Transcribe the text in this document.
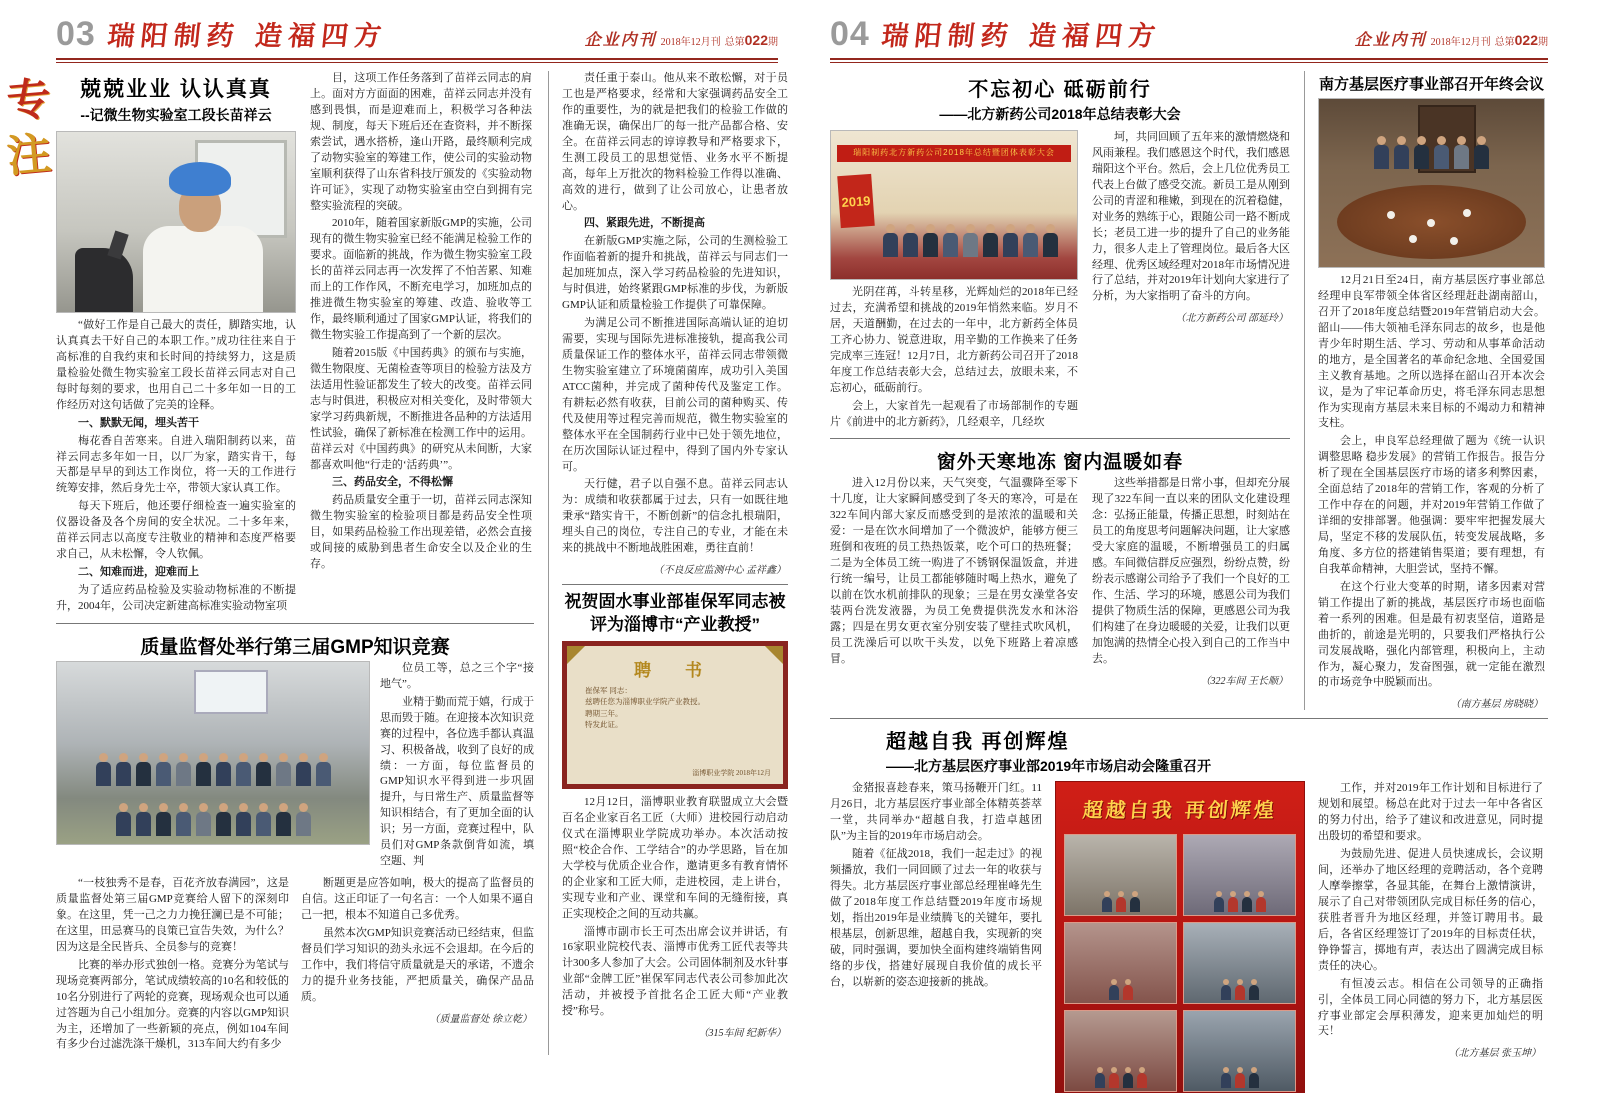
03 瑞阳制药 造福四方	企业内刊 2018年12月刊 总第022期
专
注
兢兢业业 认认真真
--记微生物实验室工段长苗祥云

“做好工作是自己最大的责任，脚踏实地，认认真真去干好自己的本职工作。”成功往往来自于高标准的自我约束和长时间的持续努力，这是质量检验处微生物实验室工段长苗祥云同志对自己每时每刻的要求，也用自己二十多年如一日的工作经历对这句话做了完美的诠释。

一、默默无闻，埋头苦干

梅花香自苦寒来。自进入瑞阳制药以来，苗祥云同志多年如一日，以厂为家，踏实肯干，每天都是早早的到达工作岗位，将一天的工作进行统筹安排，然后身先士卒，带领大家认真工作。

每天下班后，他还要仔细检查一遍实验室的仪器设备及各个房间的安全状况。二十多年来，苗祥云同志以高度专注敬业的精神和态度严格要求自己，从未松懈，令人钦佩。

二、知难而进，迎难而上

为了适应药品检验及实验动物标准的不断提升，2004年，公司决定新建高标准实验动物室项

目，这项工作任务落到了苗祥云同志的肩上。面对方方面面的困难，苗祥云同志并没有感到畏惧，而是迎难而上，积极学习各种法规、制度，每天下班后还在查资料，并不断探索尝试，遇水搭桥，逢山开路，最终顺利完成了动物实验室的筹建工作，使公司的实验动物室顺利获得了山东省科技厅颁发的《实验动物许可证》，实现了动物实验室由空白到拥有完整实验流程的突破。

2010年，随着国家新版GMP的实施，公司现有的微生物实验室已经不能满足检验工作的要求。面临新的挑战，作为微生物实验室工段长的苗祥云同志再一次发挥了不怕苦累、知难而上的工作作风，不断充电学习，加班加点的推进微生物实验室的筹建、改造、验收等工作，最终顺利通过了国家GMP认证，将我们的微生物实验工作提高到了一个新的层次。

随着2015版《中国药典》的颁布与实施，微生物限度、无菌检查等项目的检验方法及方法适用性验证都发生了较大的改变。苗祥云同志与时俱进，积极应对相关变化，及时带领大家学习药典新规，不断推进各品种的方法适用性试验，确保了新标准在检测工作中的运用。苗祥云对《中国药典》的研究从未间断，大家都喜欢叫他“行走的‘活药典’”。

三、药品安全，不得松懈

药品质量安全重于一切，苗祥云同志深知微生物实验室的检验项目都是药品安全性项目，如果药品检验工作出现差错，必然会直接或间接的威胁到患者生命安全以及企业的生存。

质量监督处举行第三届GMP知识竞赛

位员工等，总之三个字“接地气”。

业精于勤而荒于嬉，行成于思而毁于随。在迎接本次知识竞赛的过程中，各位选手都认真温习、积极备战，收到了良好的成绩：一方面，每位监督员的GMP知识水平得到进一步巩固提升，与日常生产、质量监督等知识相结合，有了更加全面的认识；另一方面，竞赛过程中，队员们对GMP条款倒背如流，填空题、判

“一枝独秀不是春，百花齐放春满园”，这是质量监督处第三届GMP竞赛给人留下的深刻印象。在这里，凭一己之力力挽狂澜已是不可能；在这里，田忌赛马的良策已宣告失效，为什么？因为这是全民皆兵、全员参与的竞赛！

比赛的举办形式独创一格。竞赛分为笔试与现场竞赛两部分，笔试成绩较高的10名和较低的10名分别进行了两轮的竞赛，现场观众也可以通过答题为自己小组加分。竞赛的内容以GMP知识为主，还增加了一些新颖的亮点，例如104车间有多少台过滤洗涤干燥机，313车间大约有多少

断题更是应答如响，极大的提高了监督员的自信。这正印证了一句名言：一个人如果不逼自己一把，根本不知道自己多优秀。

虽然本次GMP知识竞赛活动已经结束，但监督员们学习知识的劲头永远不会退却。在今后的工作中，我们将信守质量就是天的承诺，不遗余力的提升业务技能，严把质量关，确保产品品质。

（质量监督处 徐立乾）

责任重于泰山。他从来不敢松懈，对于员工也是严格要求，经常和大家强调药品安全工作的重要性，为的就是把我们的检验工作做的准确无误，确保出厂的每一批产品都合格、安全。在苗祥云同志的谆谆教导和严格要求下，生测工段员工的思想觉悟、业务水平不断提高，每年上万批次的物料检验工作得以准确、高效的进行，做到了让公司放心，让患者放心。

四、紧跟先进，不断提高

在新版GMP实施之际，公司的生测检验工作面临着新的提升和挑战，苗祥云与同志们一起加班加点，深入学习药品检验的先进知识，与时俱进，始终紧跟GMP标准的步伐，为新版GMP认证和质量检验工作提供了可靠保障。

为满足公司不断推进国际高端认证的迫切需要，实现与国际先进标准接轨，提高我公司质量保证工作的整体水平，苗祥云同志带领微生物实验室建立了环境菌菌库，成功引入美国ATCC菌种，并完成了菌种传代及鉴定工作。有耕耘必然有收获，目前公司的菌种购买、传代及使用等过程完善而规范，微生物实验室的整体水平在全国制药行业中已处于领先地位，在历次国际认证过程中，得到了国内外专家认可。

天行健，君子以自强不息。苗祥云同志认为：成绩和收获都属于过去，只有一如既往地秉承“踏实肯干，不断创新”的信念扎根瑞阳，埋头自己的岗位，专注自己的专业，才能在未来的挑战中不断地战胜困难，勇往直前！

（不良反应监测中心 孟祥鑫）

祝贺固水事业部崔保军同志被
评为淄博市“产业教授”
聘 书

崔保军 同志：

兹聘任您为淄博职业学院产业教授。

聘期三年。

特发此证。

淄博职业学院 2018年12月

12月12日，淄博职业教育联盟成立大会暨百名企业家百名工匠（大师）进校园行动启动仪式在淄博职业学院成功举办。本次活动按照“校企合作、工学结合”的办学思路，旨在加大学校与优质企业合作，邀请更多有教育情怀的企业家和工匠大师，走进校园，走上讲台，实现专业和产业、课堂和车间的无缝衔接，真正实现校企之间的互动共赢。

淄博市副市长王可杰出席会议并讲话，有16家职业院校代表、淄博市优秀工匠代表等共计300多人参加了大会。公司固体制剂及水针事业部“金牌工匠”崔保军同志代表公司参加此次活动，并被授予首批名企工匠大师“产业教授”称号。

（315车间 纪新华）

04 瑞阳制药 造福四方	企业内刊 2018年12月刊 总第022期
不忘初心 砥砺前行
——北方新药公司2018年总结表彰大会
瑞阳制药北方新药公司2018年总结暨团体表彰大会
2019

光阴荏苒，斗转星移，光辉灿烂的2018年已经过去，充满希望和挑战的2019年悄然来临。岁月不居，天道酬勤，在过去的一年中，北方新药全体员工齐心协力、锐意进取，用辛勤的工作换来了任务完成率三连冠！12月7日，北方新药公司召开了2018年度工作总结表彰大会，总结过去，放眼未来，不忘初心，砥砺前行。

会上，大家首先一起观看了市场部制作的专题片《前进中的北方新药》，几经艰辛，几经坎

坷，共同回顾了五年来的激情燃烧和风雨兼程。我们感恩这个时代，我们感恩瑞阳这个平台。然后，会上几位优秀员工代表上台做了感受交流。新员工是从刚到公司的青涩和稚嫩，到现在的沉着稳健，对业务的熟练于心，跟随公司一路不断成长；老员工进一步的提升了自己的业务能力，很多人走上了管理岗位。最后各大区经理、优秀区域经理对2018年市场情况进行了总结，并对2019年计划向大家进行了分析，为大家指明了奋斗的方向。

（北方新药公司 邵延玲）

窗外天寒地冻 窗内温暖如春

进入12月份以来，天气突变，气温骤降至零下十几度，让大家瞬间感受到了冬天的寒冷，可是在322车间内部大家反而感受到的是浓浓的温暖和关爱：一是在饮水间增加了一个微波炉，能够方便三班倒和夜班的员工热热饭菜，吃个可口的热班餐；二是为全体员工统一购进了不锈钢保温饭盒，并进行统一编号，让员工都能够随时喝上热水，避免了以前在饮水机前排队的现象；三是在男女澡堂各安装两台洗发液器，为员工免费提供洗发水和沐浴露；四是在男女更衣室分别安装了壁挂式吹风机，员工洗澡后可以吹干头发，以免下班路上着凉感冒。

这些举措都是日常小事，但却充分展现了322车间一直以来的团队文化建设理念：弘扬正能量，传播正思想，时刻站在员工的角度思考问题解决问题，让大家感受大家庭的温暖，不断增强员工的归属感。车间微信群反应强烈，纷纷点赞，纷纷表示感谢公司给予了我们一个良好的工作、生活、学习的环境，感恩公司为我们提供了物质生活的保障，更感恩公司为我们构建了在身边暖暖的关爱，让我们以更加饱满的热情全心投入到自己的工作当中去。

（322车间 王长顺）

南方基层医疗事业部召开年终会议

12月21日至24日，南方基层医疗事业部总经理申良军带领全体省区经理赶赴湖南韶山，召开了2018年度总结暨2019年营销启动大会。韶山——伟大领袖毛泽东同志的故乡，也是他青少年时期生活、学习、劳动和从事革命活动的地方，是全国著名的革命纪念地、全国爱国主义教育基地。之所以选择在韶山召开本次会议，是为了牢记革命历史，将毛泽东同志思想作为实现南方基层未来目标的不竭动力和精神支柱。

会上，申良军总经理做了题为《统一认识 调整思略 稳步发展》的营销工作报告。报告分析了现在全国基层医疗市场的诸多利弊因素，全面总结了2018年的营销工作，客观的分析了工作中存在的问题，并对2019年营销工作做了详细的安排部署。他强调：要牢牢把握发展大局，坚定不移的发展队伍，转变发展战略，多角度、多方位的搭建销售渠道；要有理想，有自我革命精神，大胆尝试，坚持不懈。

在这个行业大变革的时期，诸多因素对营销工作提出了新的挑战，基层医疗市场也面临着一系列的困难。但是最有初衷坚信，道路是曲折的，前途是光明的，只要我们严格执行公司发展战略，强化内部管理，积极向上，主动作为，凝心聚力，发奋图强，就一定能在激烈的市场竞争中脱颖而出。

（南方基层 房晓晓）

超越自我 再创辉煌
——北方基层医疗事业部2019年市场启动会隆重召开

金猪报喜趁春来，策马扬鞭开门红。11月26日，北方基层医疗事业部全体精英荟萃一堂，共同举办“超越自我，打造卓越团队”为主旨的2019年市场启动会。

随着《征战2018，我们一起走过》的视频播放，我们一同回顾了过去一年的收获与得失。北方基层医疗事业部总经理崔峰先生做了2018年度工作总结暨2019年度市场规划，指出2019年是业绩腾飞的关键年，要扎根基层，创新思维，超越自我，实现新的突破，同时强调，要加快全面构建终端销售网络的步伐，搭建好展现自我价值的成长平台，以崭新的姿态迎接新的挑战。

超越自我 再创辉煌

工作，并对2019年工作计划和目标进行了规划和展望。杨总在此对于过去一年中各省区的努力付出，给予了建议和改进意见，同时提出殷切的希望和要求。

为鼓励先进、促进人员快速成长，会议期间，还举办了地区经理的竞聘活动，各个竞聘人摩拳擦掌，各显其能，在舞台上激情演讲，展示了自己对带领团队完成目标任务的信心，获胜者晋升为地区经理，并签订聘用书。最后，各省区经理签订了2019年的目标责任状，铮铮誓言，掷地有声，表达出了圆满完成目标责任的决心。

有恒凌云志。相信在公司领导的正确指引，全体员工同心同德的努力下，北方基层医疗事业部定会厚积薄发，迎来更加灿烂的明天！

（北方基层 张玉坤）
